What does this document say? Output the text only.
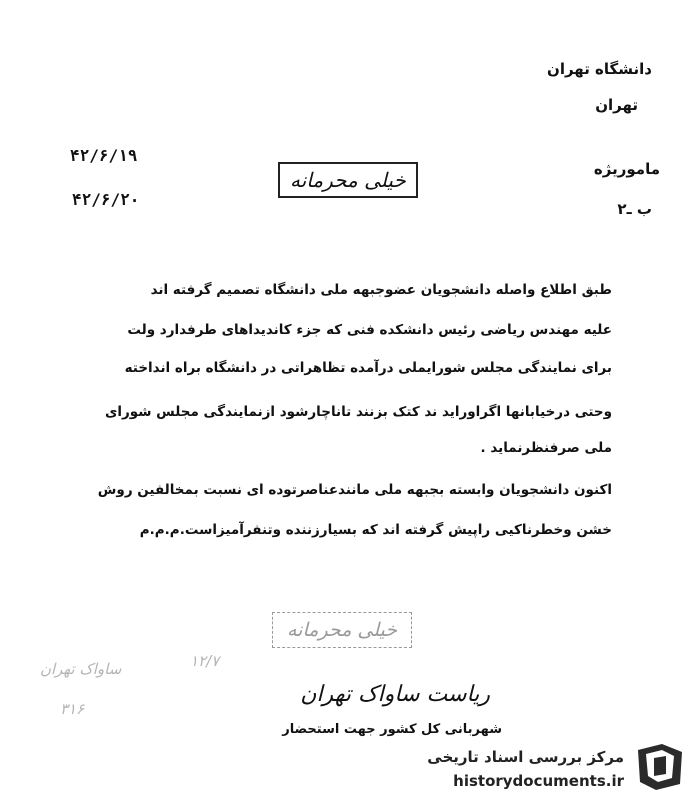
دانشگاه تهران
تهران
ماموريژه
ب ـ۲
۴۲/۶/۱۹
۴۲/۶/۲۰
خیلی محرمانه
طبق اطلاع واصله دانشجویان عضوجبهه ملی دانشگاه تصمیم گرفته اند
علیه مهندس ریاضی رئیس دانشکده فنی که جزء کاندیداهای طرفدارد ولت
برای نمایندگی مجلس شورایملی درآمده تظاهراتی در دانشگاه براه انداخته
وحتی درخیابانها اگراوراید ند کتک بزنند تاناچارشود ازنمایندگی مجلس شورای
ملی صرفنظرنماید .
اکنون دانشجویان وابسته بجبهه ملی مانندعناصرتوده ای نسبت بمخالفین روش
خشن وخطرناکیی راپیش گرفته اند که بسیارزننده وتنفرآمیزاست.م.م.م
خیلی محرمانه
۱۲/۷
ساواک تهران
۳۱۶
ریاست ساواک تهران
شهربانی کل کشور جهت استحضار
مرکز بررسی اسناد تاریخی
historydocuments.ir
